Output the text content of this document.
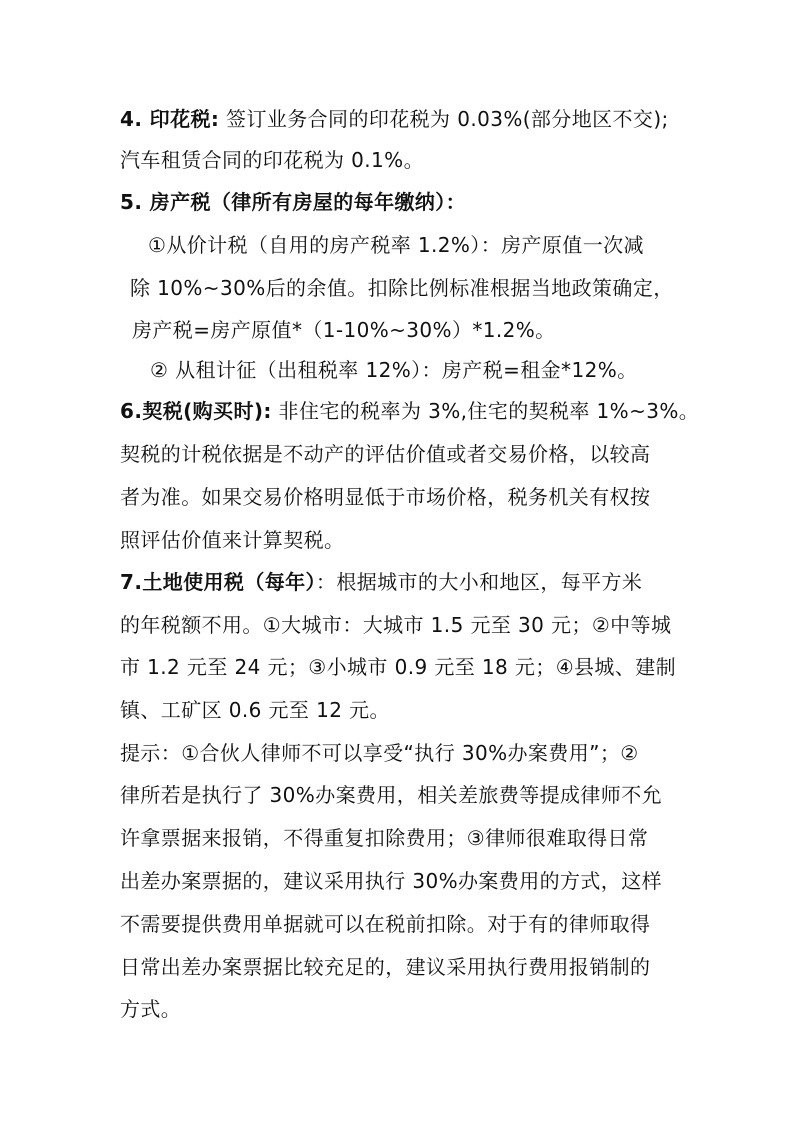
4. 印花税: 签订业务合同的印花税为 0.03%(部分地区不交);
汽车租赁合同的印花税为 0.1%。
5. 房产税（律所有房屋的每年缴纳）：
①从价计税（自用的房产税率 1.2%）：房产原值一次减
除 10%~30%后的余值。扣除比例标准根据当地政策确定，
房产税=房产原值*（1-10%~30%）*1.2%。
② 从租计征（出租税率 12%）：房产税=租金*12%。
6.契税(购买时): 非住宅的税率为 3%,住宅的契税率 1%~3%。
契税的计税依据是不动产的评估价值或者交易价格，以较高
者为准。如果交易价格明显低于市场价格，税务机关有权按
照评估价值来计算契税。
7.土地使用税（每年）：根据城市的大小和地区，每平方米
的年税额不用。①大城市：大城市 1.5 元至 30 元；②中等城
市 1.2 元至 24 元；③小城市 0.9 元至 18 元；④县城、建制
镇、工矿区 0.6 元至 12 元。
提示：①合伙人律师不可以享受“执行 30%办案费用”；②
律所若是执行了 30%办案费用，相关差旅费等提成律师不允
许拿票据来报销，不得重复扣除费用；③律师很难取得日常
出差办案票据的，建议采用执行 30%办案费用的方式，这样
不需要提供费用单据就可以在税前扣除。对于有的律师取得
日常出差办案票据比较充足的，建议采用执行费用报销制的
方式。
